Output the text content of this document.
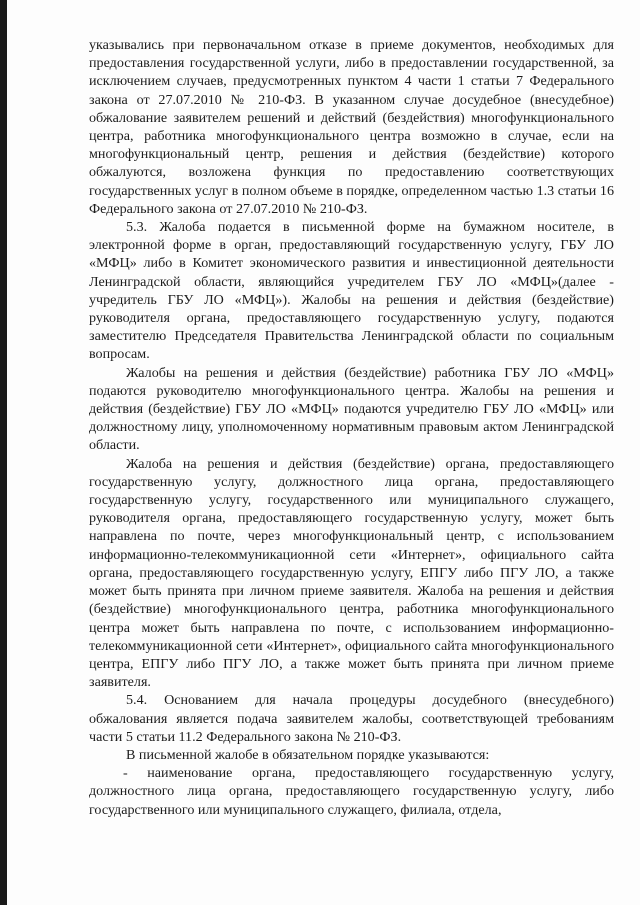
указывались при первоначальном отказе в приеме документов, необходимых для предоставления государственной услуги, либо в предоставлении государственной, за исключением случаев, предусмотренных пунктом 4 части 1 статьи 7 Федерального закона от 27.07.2010 № 210-ФЗ. В указанном случае досудебное (внесудебное) обжалование заявителем решений и действий (бездействия) многофункционального центра, работника многофункционального центра возможно в случае, если на многофункциональный центр, решения и действия (бездействие) которого обжалуются, возложена функция по предоставлению соответствующих государственных услуг в полном объеме в порядке, определенном частью 1.3 статьи 16 Федерального закона от 27.07.2010 № 210-ФЗ.

5.3. Жалоба подается в письменной форме на бумажном носителе, в электронной форме в орган, предоставляющий государственную услугу, ГБУ ЛО «МФЦ» либо в Комитет экономического развития и инвестиционной деятельности Ленинградской области, являющийся учредителем ГБУ ЛО «МФЦ»(далее - учредитель ГБУ ЛО «МФЦ»). Жалобы на решения и действия (бездействие) руководителя органа, предоставляющего государственную услугу, подаются заместителю Председателя Правительства Ленинградской области по социальным вопросам.

Жалобы на решения и действия (бездействие) работника ГБУ ЛО «МФЦ» подаются руководителю многофункционального центра. Жалобы на решения и действия (бездействие) ГБУ ЛО «МФЦ» подаются учредителю ГБУ ЛО «МФЦ» или должностному лицу, уполномоченному нормативным правовым актом Ленинградской области.

Жалоба на решения и действия (бездействие) органа, предоставляющего государственную услугу, должностного лица органа, предоставляющего государственную услугу, государственного или муниципального служащего, руководителя органа, предоставляющего государственную услугу, может быть направлена по почте, через многофункциональный центр, с использованием информационно-телекоммуникационной сети «Интернет», официального сайта органа, предоставляющего государственную услугу, ЕПГУ либо ПГУ ЛО, а также может быть принята при личном приеме заявителя. Жалоба на решения и действия (бездействие) многофункционального центра, работника многофункционального центра может быть направлена по почте, с использованием информационно-телекоммуникационной сети «Интернет», официального сайта многофункционального центра, ЕПГУ либо ПГУ ЛО, а также может быть принята при личном приеме заявителя.

5.4. Основанием для начала процедуры досудебного (внесудебного) обжалования является подача заявителем жалобы, соответствующей требованиям части 5 статьи 11.2 Федерального закона № 210-ФЗ.

В письменной жалобе в обязательном порядке указываются:

- наименование органа, предоставляющего государственную услугу, должностного лица органа, предоставляющего государственную услугу, либо государственного или муниципального служащего, филиала, отдела,
